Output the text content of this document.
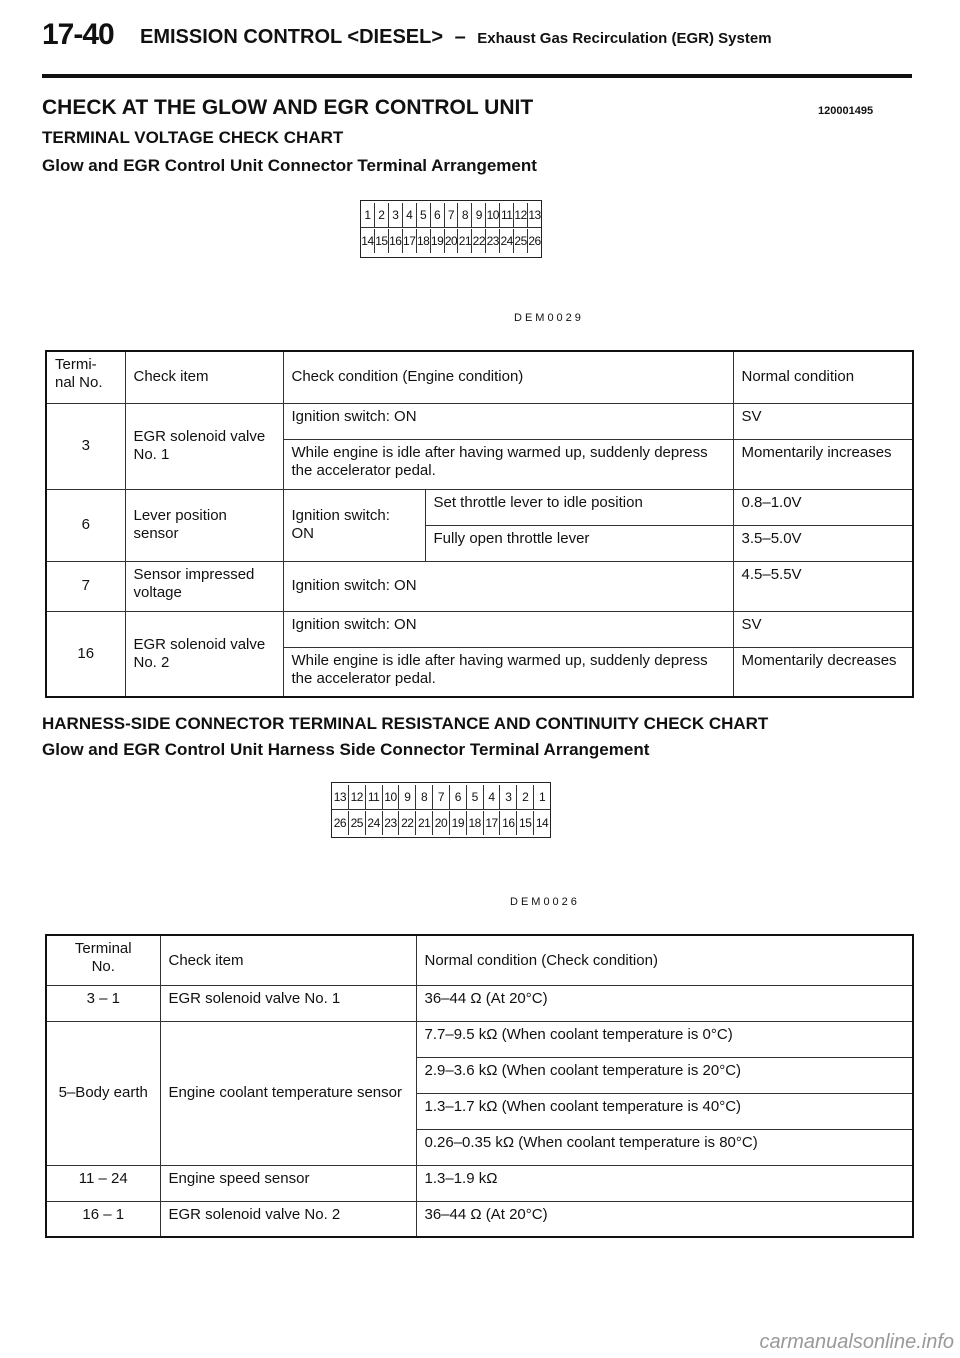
17-40 EMISSION CONTROL <DIESEL> – Exhaust Gas Recirculation (EGR) System
CHECK AT THE GLOW AND EGR CONTROL UNIT	120001495
TERMINAL VOLTAGE CHECK CHART
Glow and EGR Control Unit Connector Terminal Arrangement
1 2 3 4 5 6 7 8 9 10 11 12 13
14 15 16 17 18 19 20 21 22 23 24 25 26
DEM0029
Termi-
nal No.	Check item	Check condition (Engine condition)		Normal condition
3	EGR solenoid valve No. 1	Ignition switch: ON		SV
		While engine is idle after having warmed up, suddenly depress the accelerator pedal.		Momentarily increases
6	Lever position sensor	Ignition switch: ON	Set throttle lever to idle position	0.8–1.0V
			Fully open throttle lever	3.5–5.0V
7	Sensor impressed voltage	Ignition switch: ON		4.5–5.5V
16	EGR solenoid valve No. 2	Ignition switch: ON		SV
		While engine is idle after having warmed up, suddenly depress the accelerator pedal.		Momentarily decreases
HARNESS-SIDE CONNECTOR TERMINAL RESISTANCE AND CONTINUITY CHECK CHART
Glow and EGR Control Unit Harness Side Connector Terminal Arrangement
13 12 11 10 9 8 7 6 5 4 3 2 1
26 25 24 23 22 21 20 19 18 17 16 15 14
DEM0026
Terminal
No.	Check item	Normal condition (Check condition)
3 – 1	EGR solenoid valve No. 1	36–44 Ω (At 20°C)
5–Body earth	Engine coolant temperature sensor	7.7–9.5 kΩ (When coolant temperature is 0°C)
		2.9–3.6 kΩ (When coolant temperature is 20°C)
		1.3–1.7 kΩ (When coolant temperature is 40°C)
		0.26–0.35 kΩ (When coolant temperature is 80°C)
11 – 24	Engine speed sensor	1.3–1.9 kΩ
16 – 1	EGR solenoid valve No. 2	36–44 Ω (At 20°C)
carmanualsonline.info
